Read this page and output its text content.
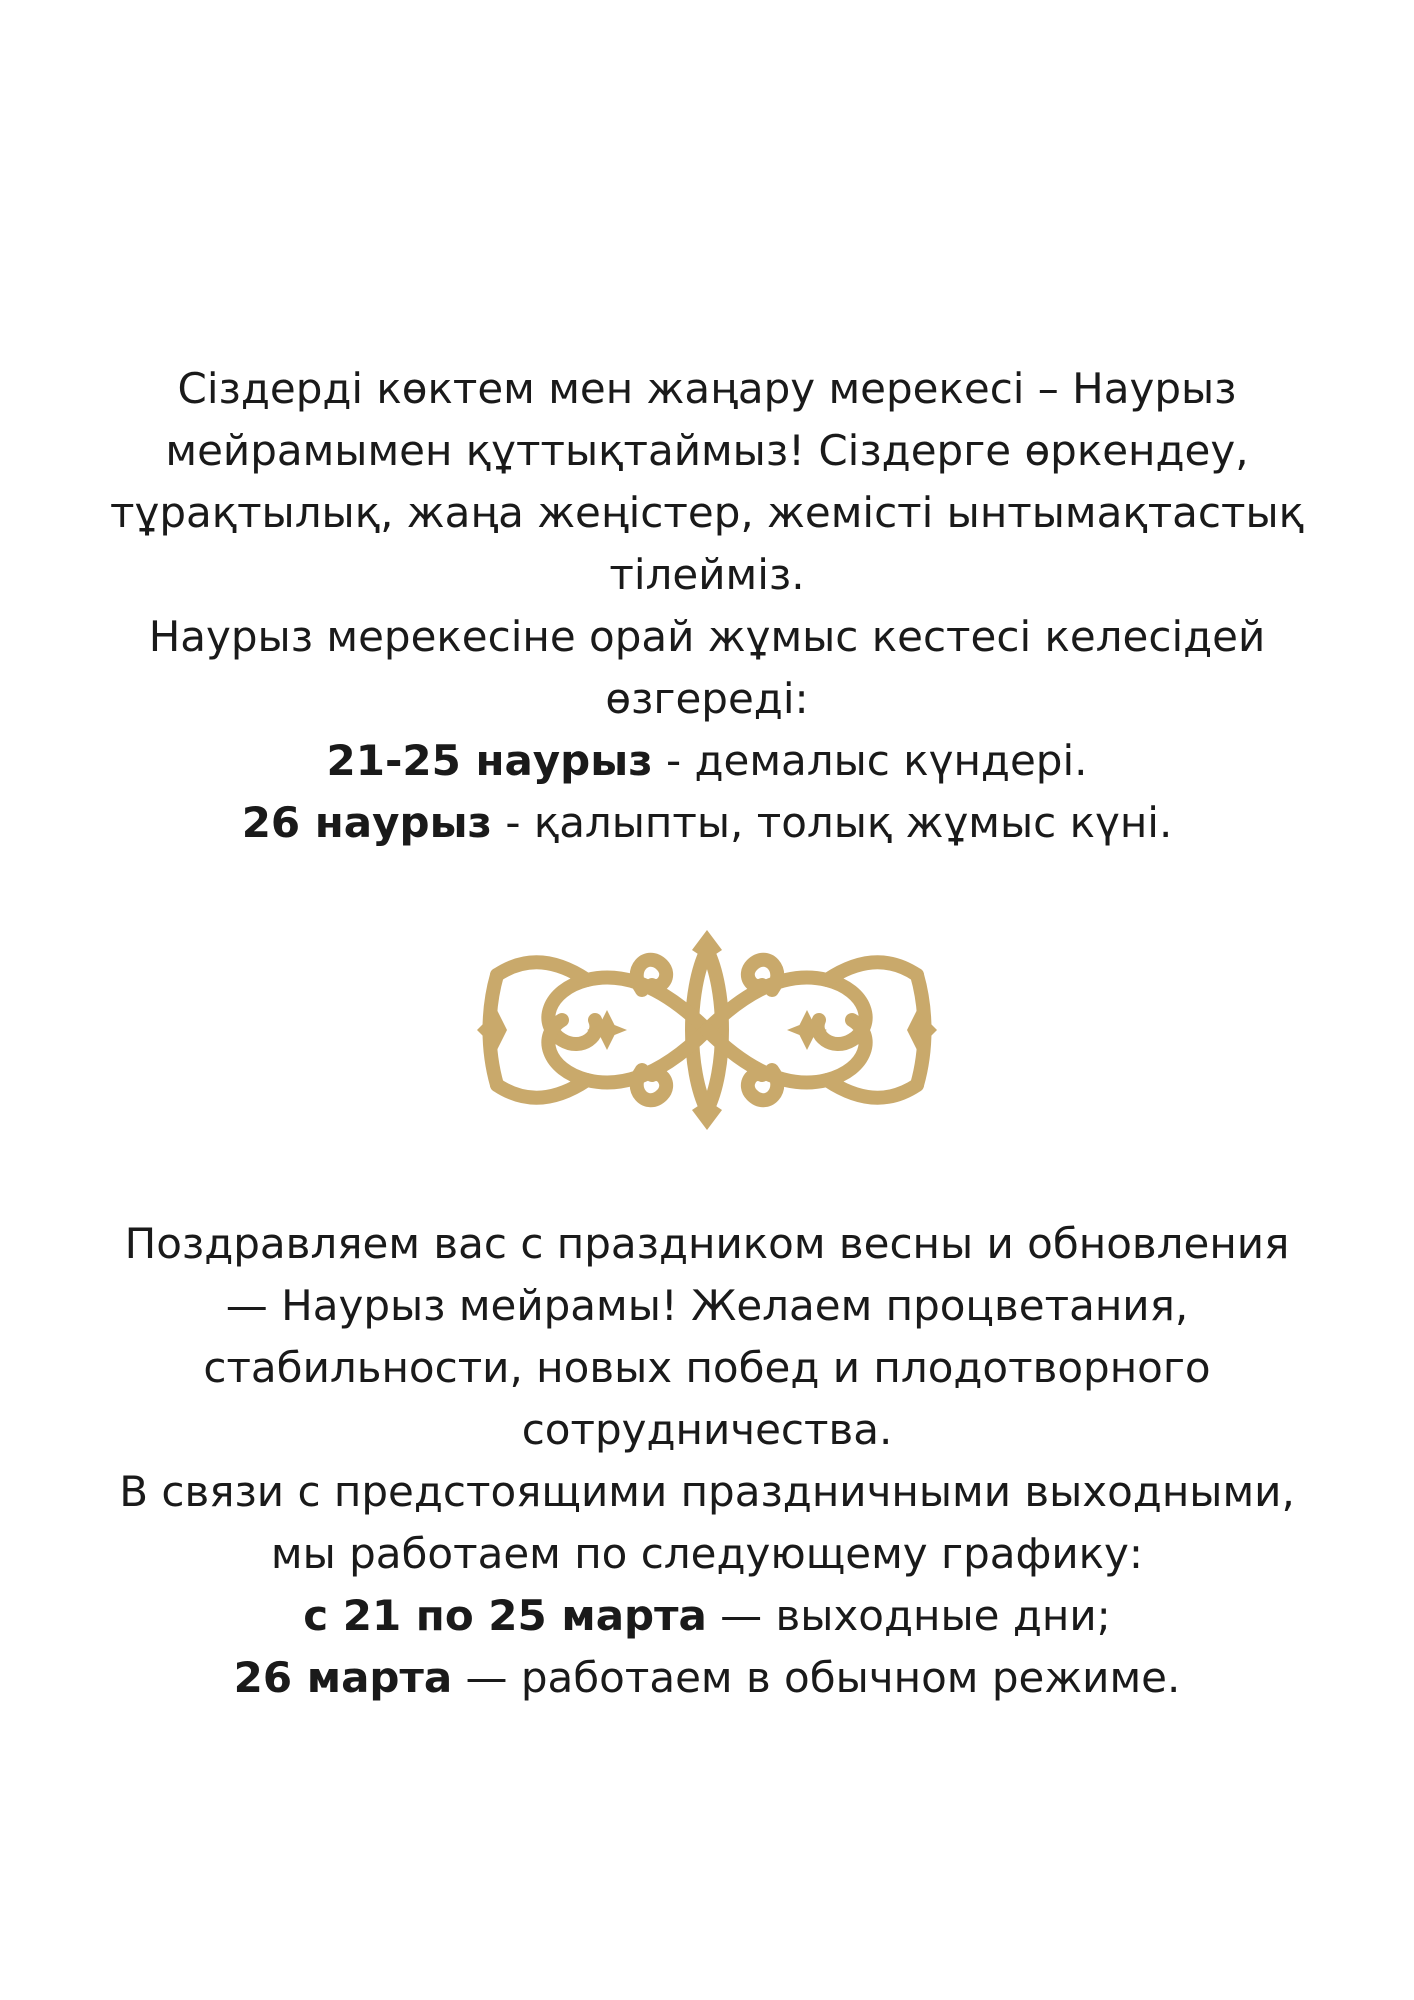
Сіздерді көктем мен жаңару мерекесі – Наурыз

мейрамымен құттықтаймыз! Сіздерге өркендеу,

тұрақтылық, жаңа жеңістер, жемісті ынтымақтастық

тілейміз.

Наурыз мерекесіне орай жұмыс кестесі келесідей

өзгереді:

21-25 наурыз - демалыс күндері.

26 наурыз - қалыпты, толық жұмыс күні.

Поздравляем вас с праздником весны и обновления

— Наурыз мейрамы! Желаем процветания,

стабильности, новых побед и плодотворного

сотрудничества.

В связи с предстоящими праздничными выходными,

мы работаем по следующему графику:

с 21 по 25 марта — выходные дни;

26 марта — работаем в обычном режиме.
